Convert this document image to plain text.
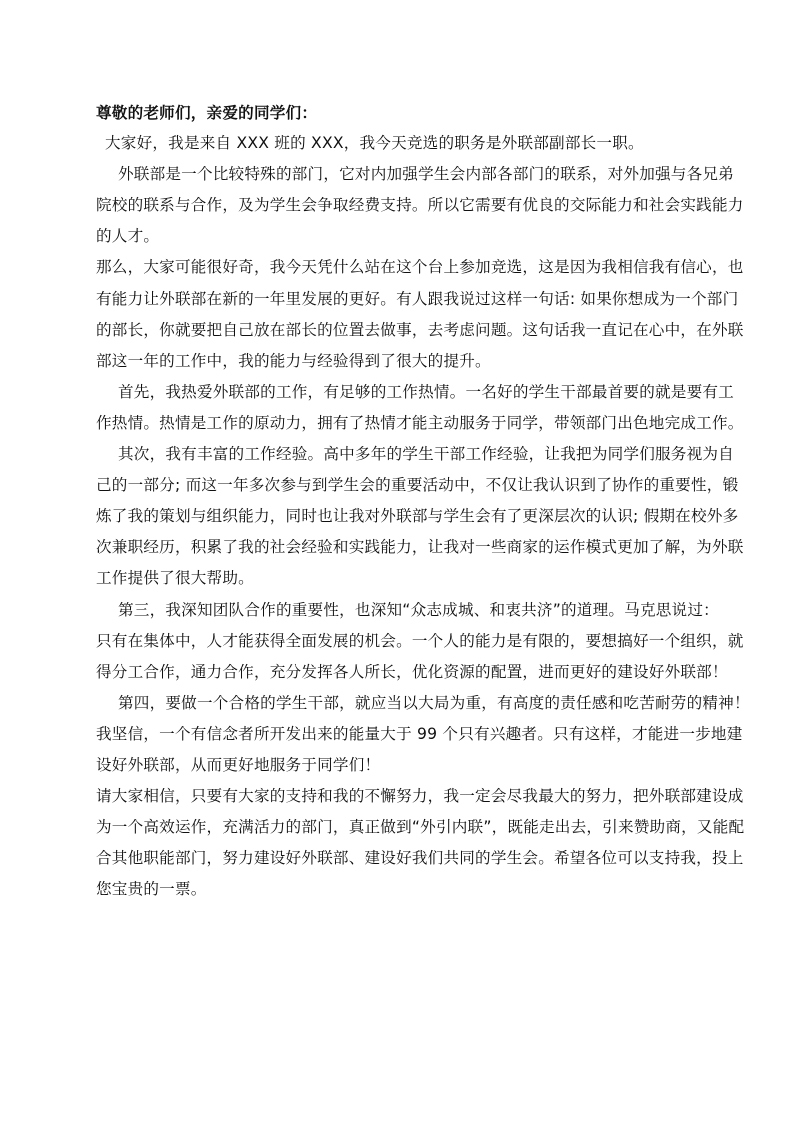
尊敬的老师们，亲爱的同学们：
大家好，我是来自 XXX 班的 XXX，我今天竞选的职务是外联部副部长一职。
外联部是一个比较特殊的部门，它对内加强学生会内部各部门的联系，对外加强与各兄弟
院校的联系与合作，及为学生会争取经费支持。所以它需要有优良的交际能力和社会实践能力
的人才。
那么，大家可能很好奇，我今天凭什么站在这个台上参加竞选，这是因为我相信我有信心，也
有能力让外联部在新的一年里发展的更好。有人跟我说过这样一句话: 如果你想成为一个部门
的部长，你就要把自己放在部长的位置去做事，去考虑问题。这句话我一直记在心中，在外联
部这一年的工作中，我的能力与经验得到了很大的提升。
首先，我热爱外联部的工作，有足够的工作热情。一名好的学生干部最首要的就是要有工
作热情。热情是工作的原动力，拥有了热情才能主动服务于同学，带领部门出色地完成工作。
其次，我有丰富的工作经验。高中多年的学生干部工作经验，让我把为同学们服务视为自
己的一部分; 而这一年多次参与到学生会的重要活动中，不仅让我认识到了协作的重要性，锻
炼了我的策划与组织能力，同时也让我对外联部与学生会有了更深层次的认识; 假期在校外多
次兼职经历，积累了我的社会经验和实践能力，让我对一些商家的运作模式更加了解，为外联
工作提供了很大帮助。
第三，我深知团队合作的重要性，也深知“众志成城、和衷共济”的道理。马克思说过：
只有在集体中，人才能获得全面发展的机会。一个人的能力是有限的，要想搞好一个组织，就
得分工合作，通力合作，充分发挥各人所长，优化资源的配置，进而更好的建设好外联部！
第四，要做一个合格的学生干部，就应当以大局为重，有高度的责任感和吃苦耐劳的精神！
我坚信，一个有信念者所开发出来的能量大于 99 个只有兴趣者。只有这样，才能进一步地建
设好外联部，从而更好地服务于同学们！
请大家相信，只要有大家的支持和我的不懈努力，我一定会尽我最大的努力，把外联部建设成
为一个高效运作，充满活力的部门，真正做到“外引内联”，既能走出去，引来赞助商，又能配
合其他职能部门，努力建设好外联部、建设好我们共同的学生会。希望各位可以支持我，投上
您宝贵的一票。
